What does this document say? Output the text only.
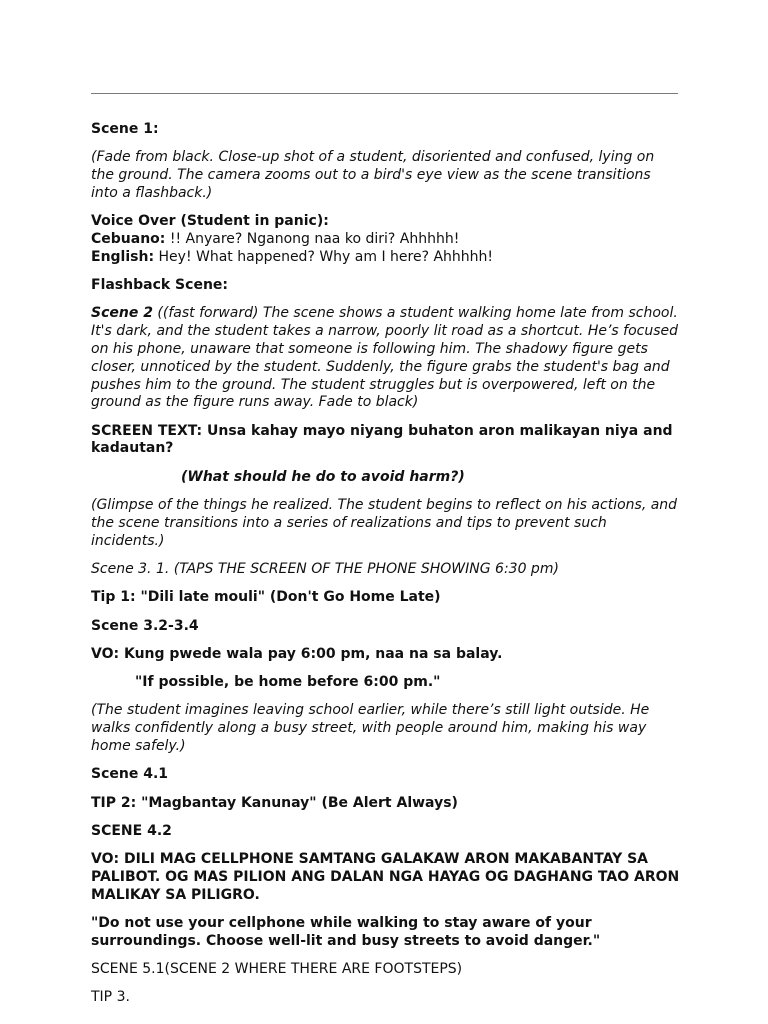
Scene 1:

(Fade from black. Close-up shot of a student, disoriented and confused, lying on the ground. The camera zooms out to a bird's eye view as the scene transitions into a flashback.)

Voice Over (Student in panic):
Cebuano: !! Anyare? Nganong naa ko diri? Ahhhhh!
English: Hey! What happened? Why am I here? Ahhhhh!

Flashback Scene:

Scene 2 ((fast forward) The scene shows a student walking home late from school. It's dark, and the student takes a narrow, poorly lit road as a shortcut. He’s focused on his phone, unaware that someone is following him. The shadowy figure gets closer, unnoticed by the student. Suddenly, the figure grabs the student's bag and pushes him to the ground. The student struggles but is overpowered, left on the ground as the figure runs away. Fade to black)

SCREEN TEXT: Unsa kahay mayo niyang buhaton aron malikayan niya and kadautan?

(What should he do to avoid harm?)

(Glimpse of the things he realized. The student begins to reflect on his actions, and the scene transitions into a series of realizations and tips to prevent such incidents.)

Scene 3. 1. (TAPS THE SCREEN OF THE PHONE SHOWING 6:30 pm)

Tip 1: "Dili late mouli" (Don't Go Home Late)

Scene 3.2-3.4

VO: Kung pwede wala pay 6:00 pm, naa na sa balay.

"If possible, be home before 6:00 pm."

(The student imagines leaving school earlier, while there’s still light outside. He walks confidently along a busy street, with people around him, making his way home safely.)

Scene 4.1

TIP 2: "Magbantay Kanunay" (Be Alert Always)

SCENE 4.2

VO: DILI MAG CELLPHONE SAMTANG GALAKAW ARON MAKABANTAY SA PALIBOT. OG MAS PILION ANG DALAN NGA HAYAG OG DAGHANG TAO ARON MALIKAY SA PILIGRO.

"Do not use your cellphone while walking to stay aware of your surroundings. Choose well-lit and busy streets to avoid danger."

SCENE 5.1(SCENE 2 WHERE THERE ARE FOOTSTEPS)

TIP 3.
